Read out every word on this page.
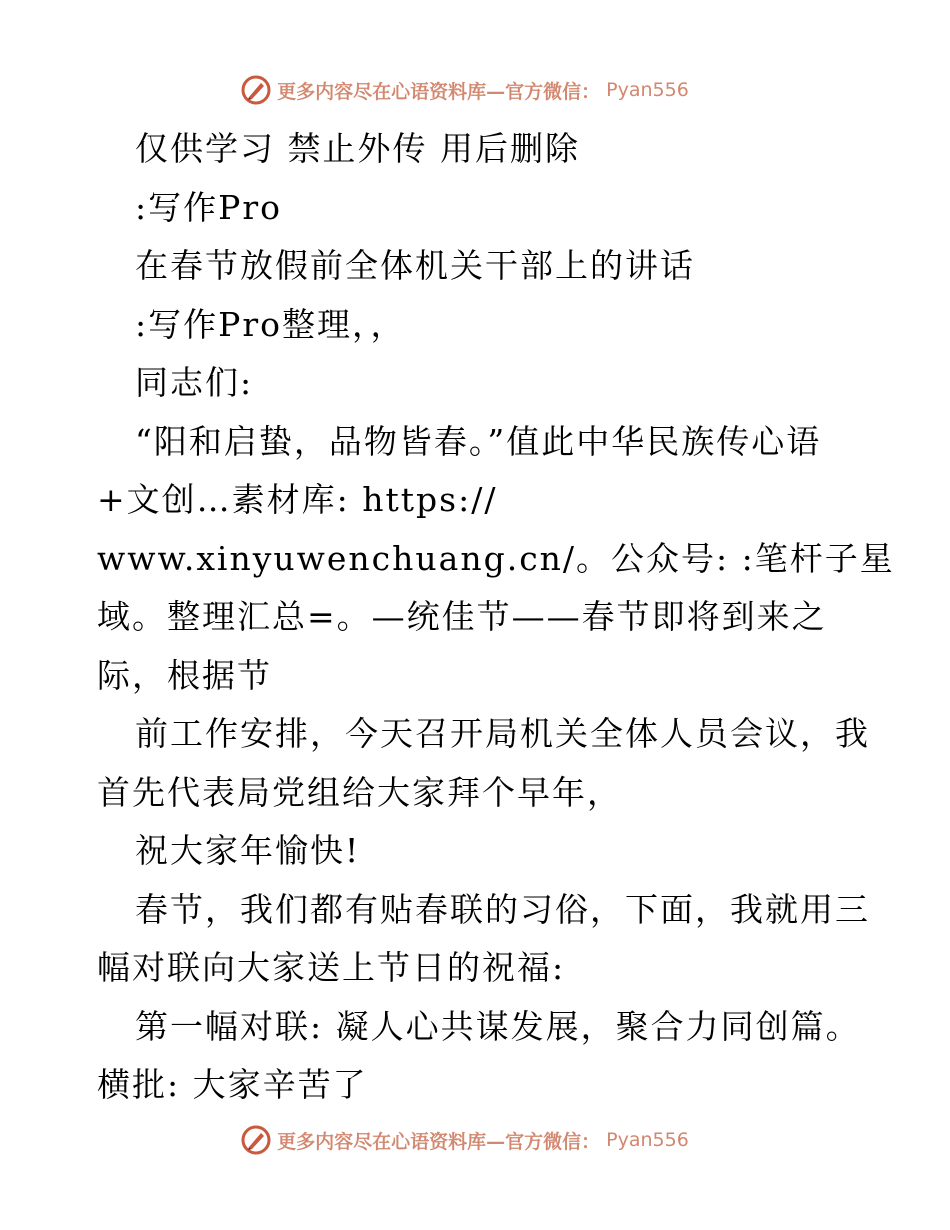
更多内容尽在心语资料库—官方微信： Pyan556
仅供学习 禁止外传 用后删除
:写作Pro
在春节放假前全体机关干部上的讲话
:写作Pro整理，，
同志们:
“阳和启蛰，品物皆春。”值此中华民族传心语
+文创…素材库: https://
www.xinyuwenchuang.cn/。公众号: :笔杆子星
域。整理汇总=。—统佳节——春节即将到来之
际，根据节
前工作安排，今天召开局机关全体人员会议，我
首先代表局党组给大家拜个早年，
祝大家年愉快!
春节，我们都有贴春联的习俗，下面，我就用三
幅对联向大家送上节日的祝福:
第一幅对联: 凝人心共谋发展，聚合力同创篇。
横批: 大家辛苦了
更多内容尽在心语资料库—官方微信： Pyan556
